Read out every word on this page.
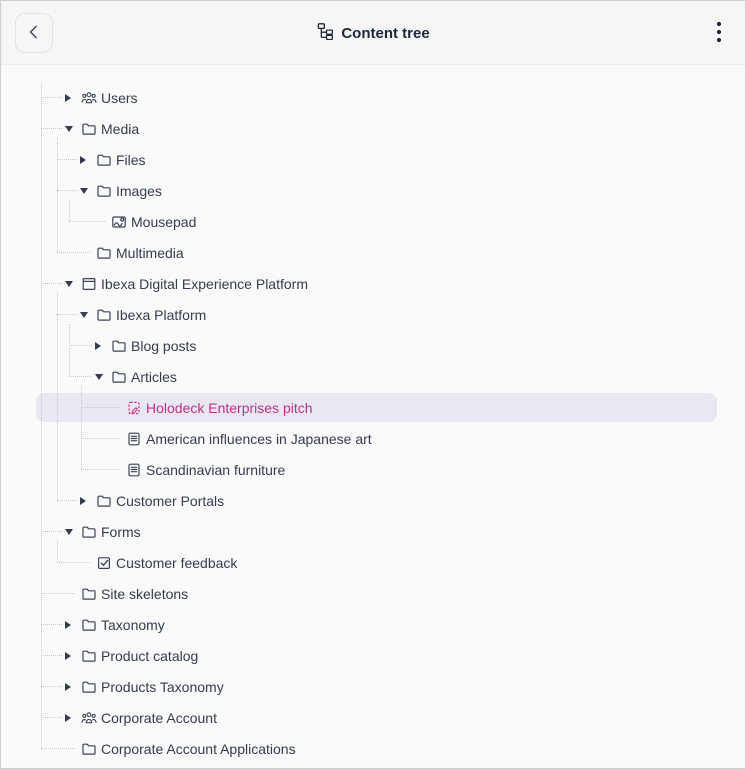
Content tree
Users
Media
Files
Images
Mousepad
Multimedia
Ibexa Digital Experience Platform
Ibexa Platform
Blog posts
Articles
Holodeck Enterprises pitch
American influences in Japanese art
Scandinavian furniture
Customer Portals
Forms
Customer feedback
Site skeletons
Taxonomy
Product catalog
Products Taxonomy
Corporate Account
Corporate Account Applications
